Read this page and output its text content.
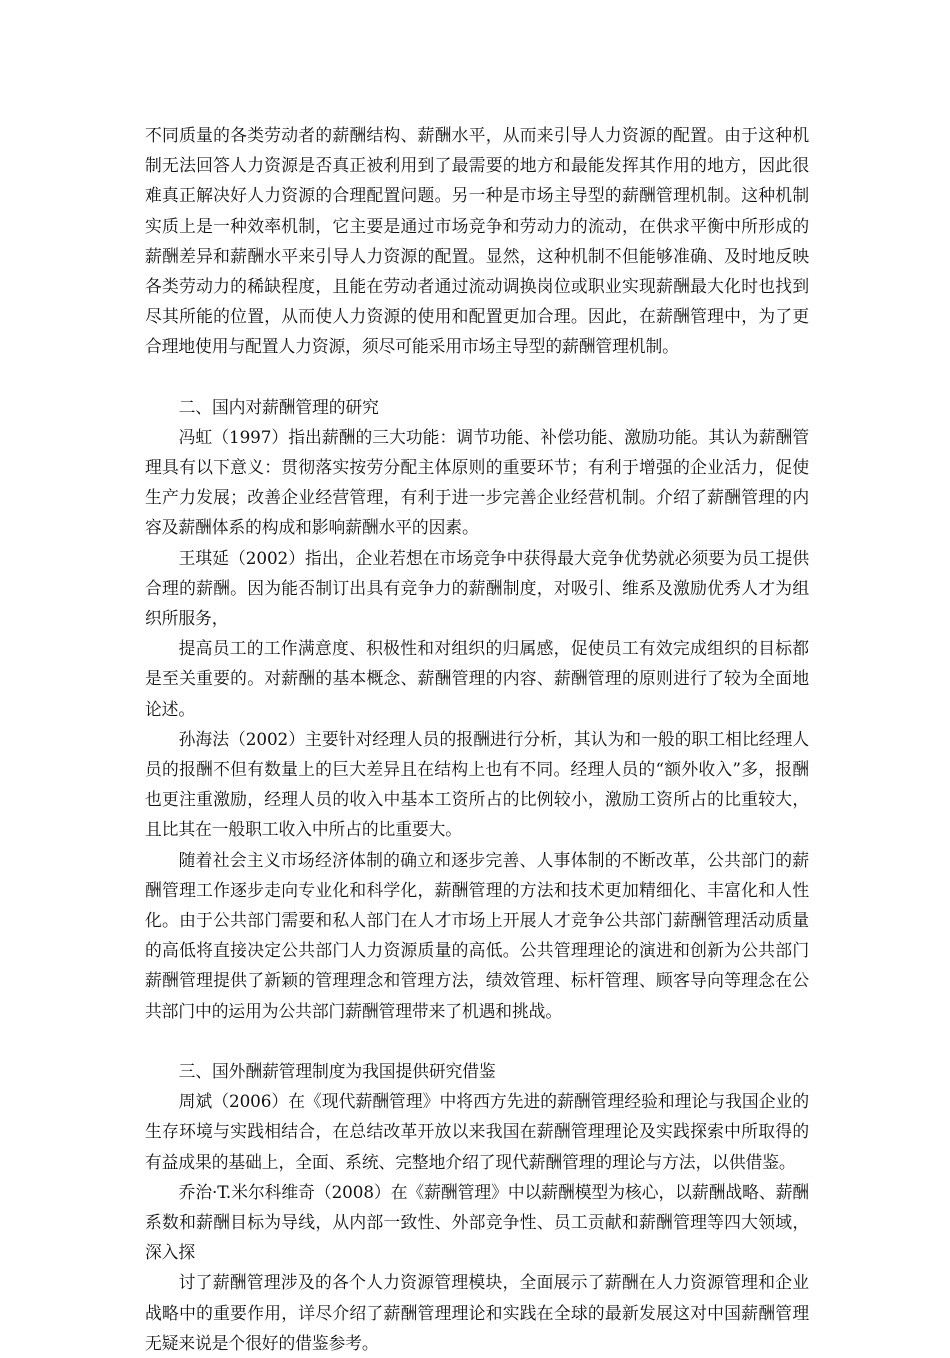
不同质量的各类劳动者的薪酬结构、薪酬水平，从而来引导人力资源的配置。由于这种机制无法回答人力资源是否真正被利用到了最需要的地方和最能发挥其作用的地方，因此很难真正解决好人力资源的合理配置问题。另一种是市场主导型的薪酬管理机制。这种机制实质上是一种效率机制，它主要是通过市场竞争和劳动力的流动，在供求平衡中所形成的薪酬差异和薪酬水平来引导人力资源的配置。显然，这种机制不但能够准确、及时地反映各类劳动力的稀缺程度，且能在劳动者通过流动调换岗位或职业实现薪酬最大化时也找到尽其所能的位置，从而使人力资源的使用和配置更加合理。因此，在薪酬管理中，为了更合理地使用与配置人力资源，须尽可能采用市场主导型的薪酬管理机制。

二、国内对薪酬管理的研究

冯虹（1997）指出薪酬的三大功能：调节功能、补偿功能、激励功能。其认为薪酬管理具有以下意义：贯彻落实按劳分配主体原则的重要环节；有利于增强的企业活力，促使生产力发展；改善企业经营管理，有利于进一步完善企业经营机制。介绍了薪酬管理的内容及薪酬体系的构成和影响薪酬水平的因素。

王琪延（2002）指出，企业若想在市场竞争中获得最大竞争优势就必须要为员工提供合理的薪酬。因为能否制订出具有竞争力的薪酬制度，对吸引、维系及激励优秀人才为组织所服务，

提高员工的工作满意度、积极性和对组织的归属感，促使员工有效完成组织的目标都是至关重要的。对薪酬的基本概念、薪酬管理的内容、薪酬管理的原则进行了较为全面地论述。

孙海法（2002）主要针对经理人员的报酬进行分析，其认为和一般的职工相比经理人员的报酬不但有数量上的巨大差异且在结构上也有不同。经理人员的“额外收入”多，报酬也更注重激励，经理人员的收入中基本工资所占的比例较小，激励工资所占的比重较大，且比其在一般职工收入中所占的比重要大。

随着社会主义市场经济体制的确立和逐步完善、人事体制的不断改革，公共部门的薪酬管理工作逐步走向专业化和科学化，薪酬管理的方法和技术更加精细化、丰富化和人性化。由于公共部门需要和私人部门在人才市场上开展人才竞争公共部门薪酬管理活动质量的高低将直接决定公共部门人力资源质量的高低。公共管理理论的演进和创新为公共部门薪酬管理提供了新颖的管理理念和管理方法，绩效管理、标杆管理、顾客导向等理念在公共部门中的运用为公共部门薪酬管理带来了机遇和挑战。

三、国外酬薪管理制度为我国提供研究借鉴

周斌（2006）在《现代薪酬管理》中将西方先进的薪酬管理经验和理论与我国企业的生存环境与实践相结合，在总结改革开放以来我国在薪酬管理理论及实践探索中所取得的有益成果的基础上，全面、系统、完整地介绍了现代薪酬管理的理论与方法，以供借鉴。

乔治·T.米尔科维奇（2008）在《薪酬管理》中以薪酬模型为核心，以薪酬战略、薪酬系数和薪酬目标为导线，从内部一致性、外部竞争性、员工贡献和薪酬管理等四大领域，深入探

讨了薪酬管理涉及的各个人力资源管理模块，全面展示了薪酬在人力资源管理和企业战略中的重要作用，详尽介绍了薪酬管理理论和实践在全球的最新发展这对中国薪酬管理无疑来说是个很好的借鉴参考。
